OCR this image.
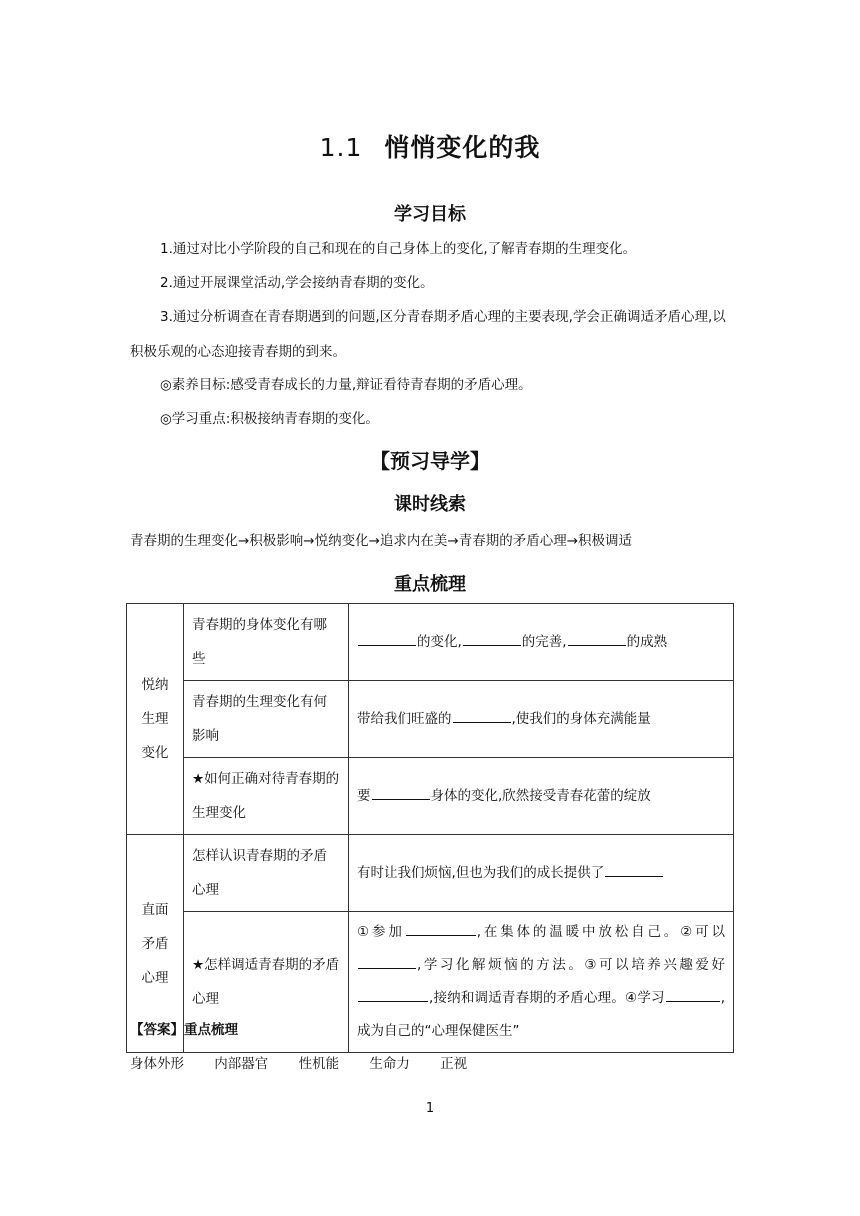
1.1 悄悄变化的我
学习目标
1.通过对比小学阶段的自己和现在的自己身体上的变化,了解青春期的生理变化。
2.通过开展课堂活动,学会接纳青春期的变化。
3.通过分析调查在青春期遇到的问题,区分青春期矛盾心理的主要表现,学会正确调适矛盾心理,以积极乐观的心态迎接青春期的到来。
◎素养目标:感受青春成长的力量,辩证看待青春期的矛盾心理。
◎学习重点:积极接纳青春期的变化。
【预习导学】
课时线索
青春期的生理变化→积极影响→悦纳变化→追求内在美→青春期的矛盾心理→积极调适
重点梳理
悦纳生理变化	青春期的身体变化有哪些	的变化, 的完善, 的成熟
	青春期的生理变化有何影响	带给我们旺盛的 ,使我们的身体充满能量
	★如何正确对待青春期的生理变化	要 身体的变化,欣然接受青春花蕾的绽放
直面矛盾心理	怎样认识青春期的矛盾心理	有时让我们烦恼,但也为我们的成长提供了
	★怎样调适青春期的矛盾心理	①参加 ,在集体的温暖中放松自己。②可以,学习化解烦恼的方法。③可以培养兴趣爱好,接纳和调适青春期的矛盾心理。④学习 ,成为自己的“心理保健医生”
【答案】重点梳理
身体外形 内部器官 性机能 生命力 正视
1
